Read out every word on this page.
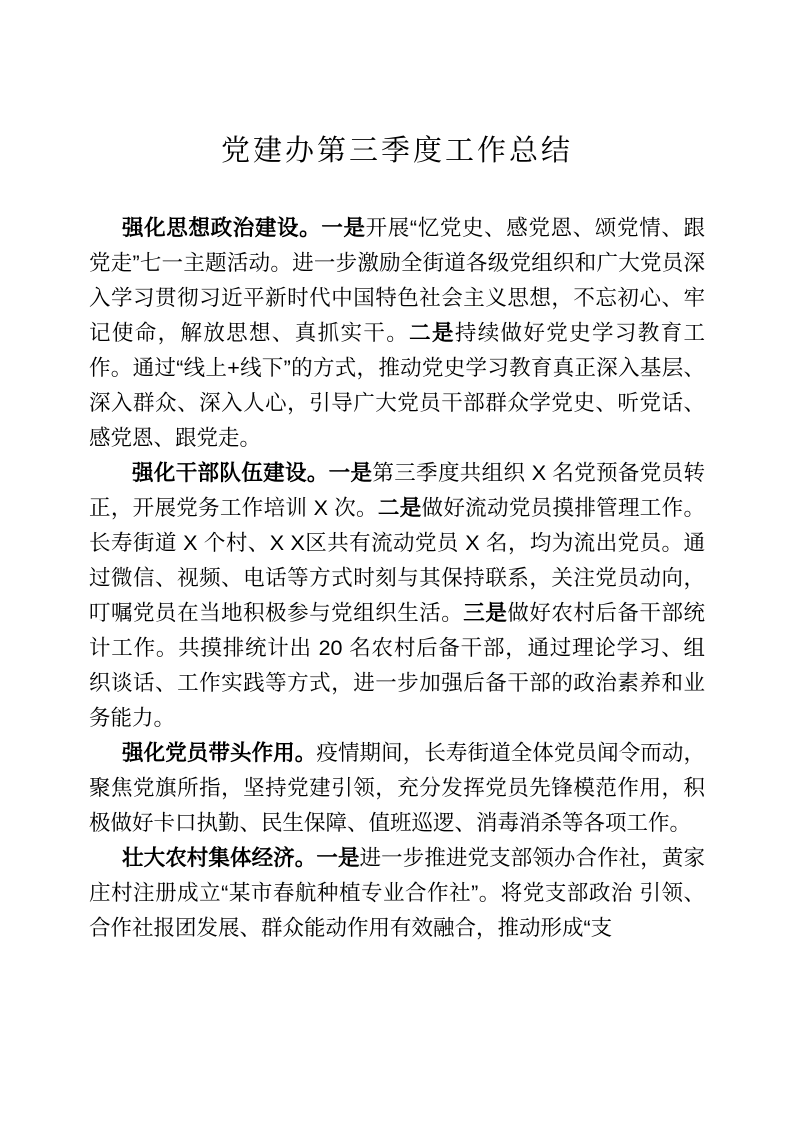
党建办第三季度工作总结

强化思想政治建设。一是开展“忆党史、感党恩、颂党情、跟党走”七一主题活动。进一步激励全街道各级党组织和广大党员深入学习贯彻习近平新时代中国特色社会主义思想，不忘初心、牢记使命，解放思想、真抓实干。二是持续做好党史学习教育工作。通过“线上+线下”的方式，推动党史学习教育真正深入基层、深入群众、深入人心，引导广大党员干部群众学党史、听党话、感党恩、跟党走。

强化干部队伍建设。一是第三季度共组织 X 名党预备党员转正，开展党务工作培训 X 次。二是做好流动党员摸排管理工作。长寿街道 X 个村、X X区共有流动党员 X 名，均为流出党员。通过微信、视频、电话等方式时刻与其保持联系，关注党员动向，叮嘱党员在当地积极参与党组织生活。三是做好农村后备干部统计工作。共摸排统计出 20 名农村后备干部，通过理论学习、组织谈话、工作实践等方式，进一步加强后备干部的政治素养和业务能力。

强化党员带头作用。疫情期间，长寿街道全体党员闻令而动，聚焦党旗所指，坚持党建引领，充分发挥党员先锋模范作用，积极做好卡口执勤、民生保障、值班巡逻、消毒消杀等各项工作。

壮大农村集体经济。一是进一步推进党支部领办合作社，黄家庄村注册成立“某市春航种植专业合作社”。将党支部政治 引领、合作社报团发展、群众能动作用有效融合，推动形成“支
